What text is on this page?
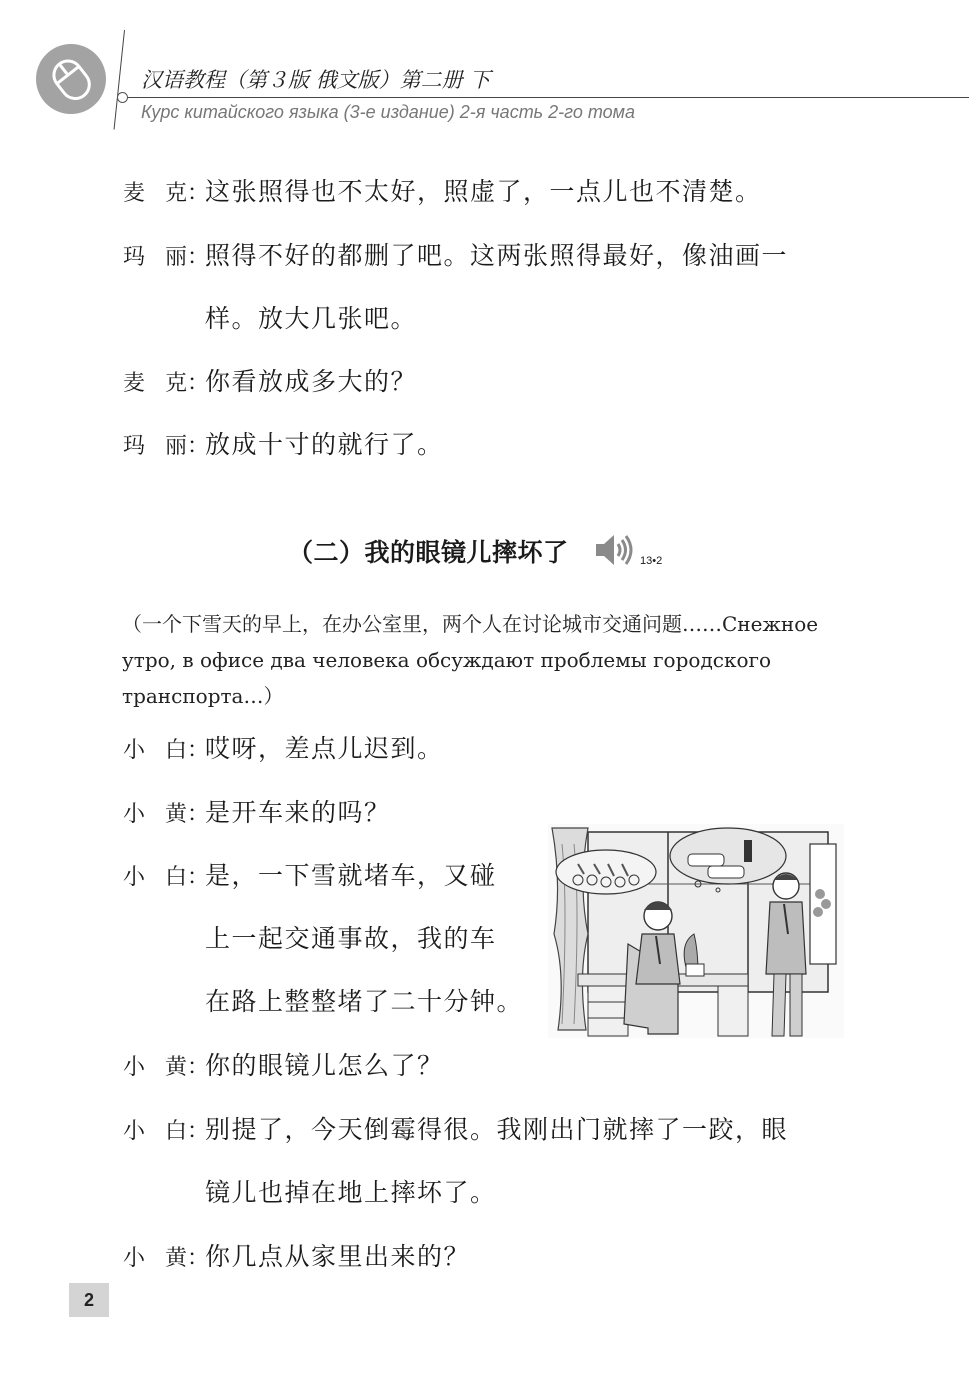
汉语教程（第３版 俄文版）第二册 下
Курс китайского языка (3-е издание) 2-я часть 2-го тома
麦 克：
这张照得也不太好，照虚了，一点儿也不清楚。
玛 丽：
照得不好的都删了吧。这两张照得最好，像油画一
样。放大几张吧。
麦 克：
你看放成多大的？
玛 丽：
放成十寸的就行了。
（二）我的眼镜儿摔坏了	13•2
（一个下雪天的早上，在办公室里，两个人在讨论城市交通问题……Снежное утро, в офисе два человека обсуждают проблемы городского транспорта…）
小 白：
哎呀，差点儿迟到。
小 黄：
是开车来的吗？
小 白：
是，一下雪就堵车，又碰
上一起交通事故，我的车
在路上整整堵了二十分钟。
小 黄：
你的眼镜儿怎么了？
小 白：
别提了，今天倒霉得很。我刚出门就摔了一跤，眼
镜儿也掉在地上摔坏了。
小 黄：
你几点从家里出来的？
2
